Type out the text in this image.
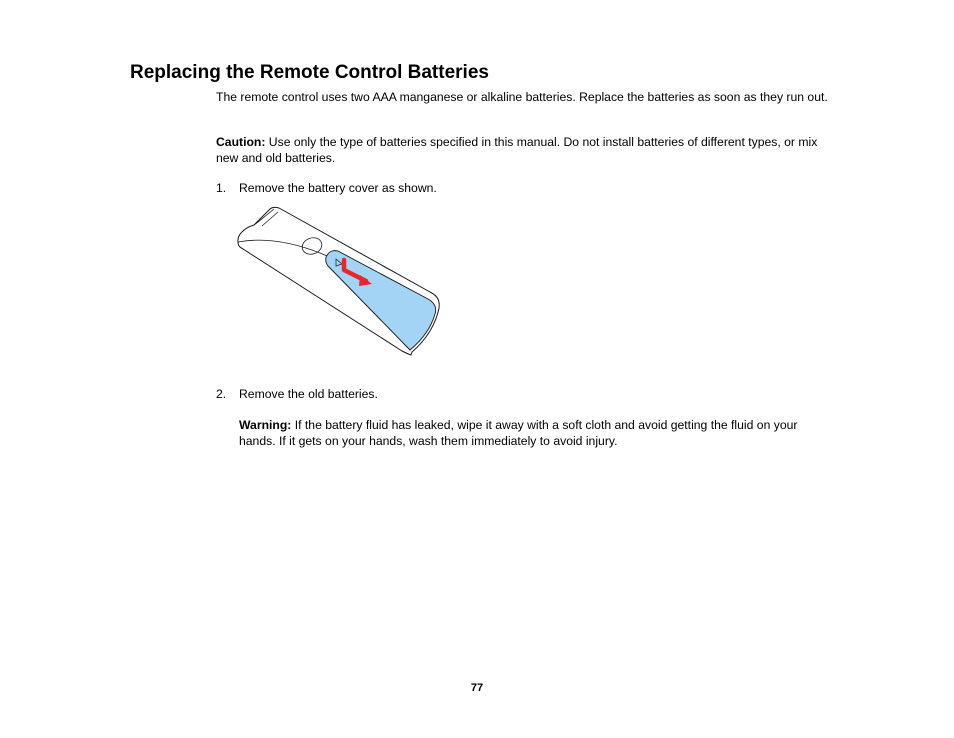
Replacing the Remote Control Batteries

The remote control uses two AAA manganese or alkaline batteries. Replace the batteries as soon as they run out.

Caution: Use only the type of batteries specified in this manual. Do not install batteries of different types, or mix new and old batteries.

1. Remove the battery cover as shown.
2. Remove the old batteries.

Warning: If the battery fluid has leaked, wipe it away with a soft cloth and avoid getting the fluid on your hands. If it gets on your hands, wash them immediately to avoid injury.

77
